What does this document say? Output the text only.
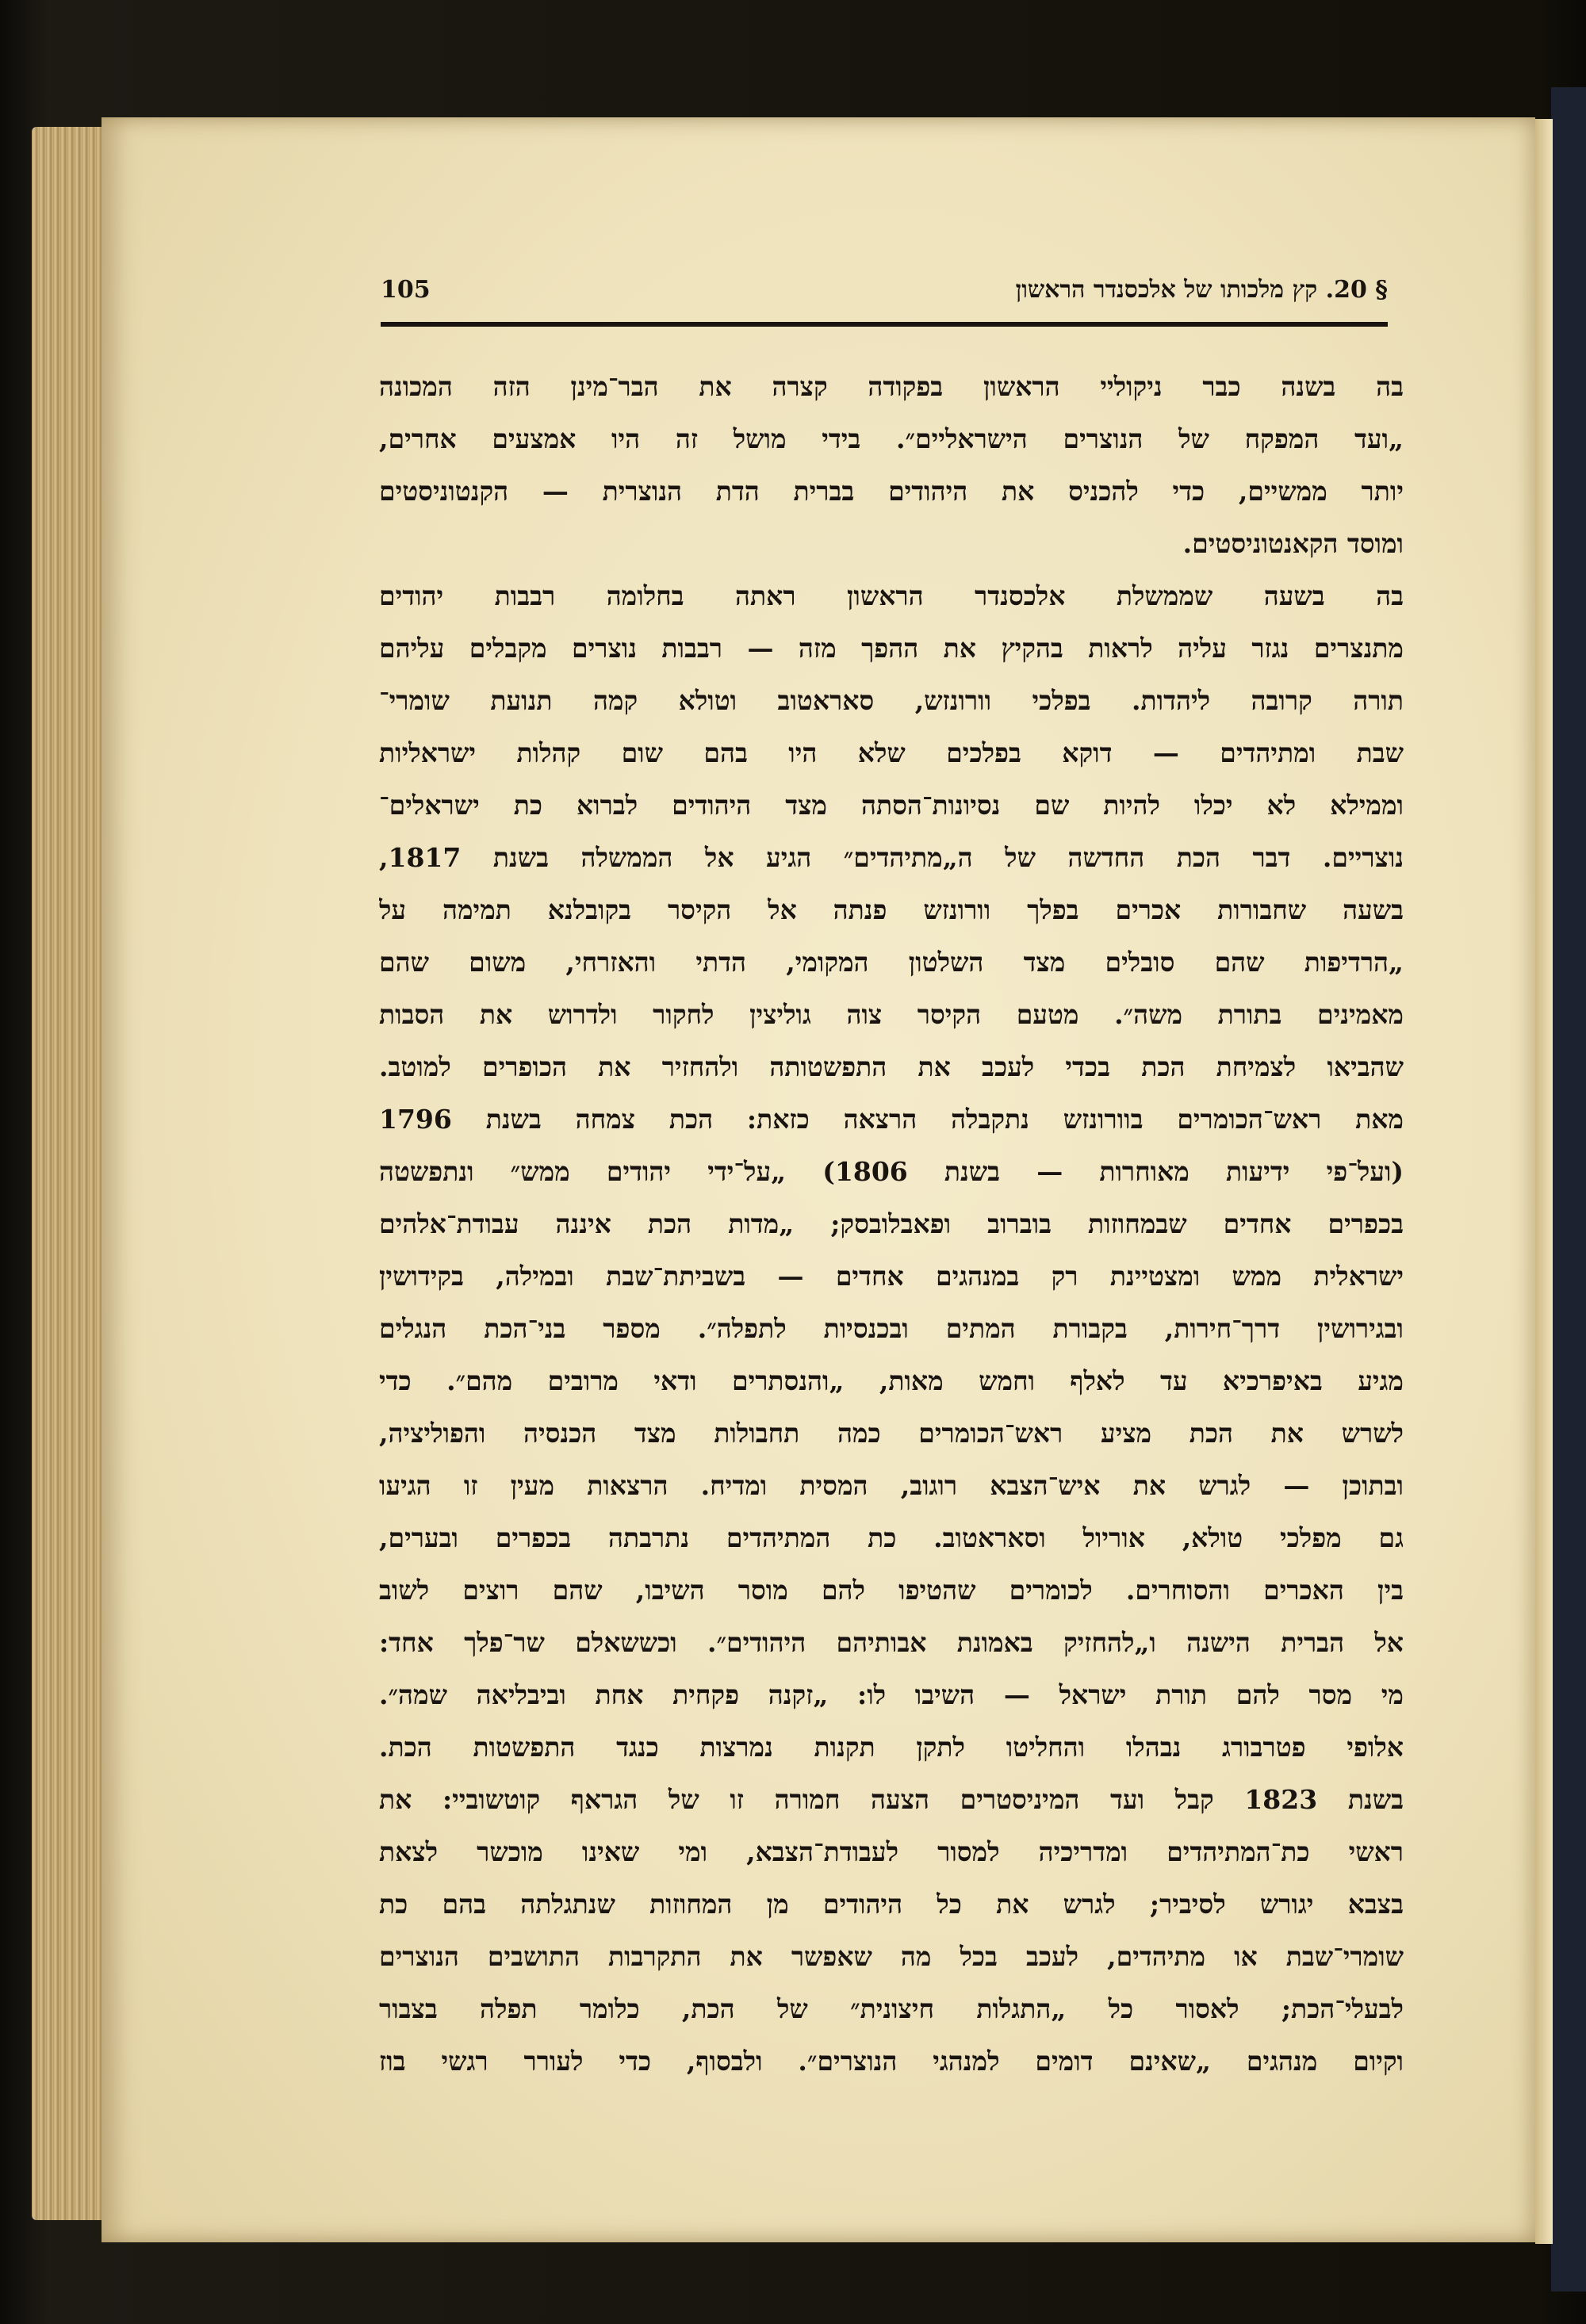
105	§ 20. קץ מלכותו של אלכסנדר הראשון
בה בשנה כבר ניקוליי הראשון בפקודה קצרה את הבר־מינן הזה המכונה
„ועד המפקח של הנוצרים הישראליים״. בידי מושל זה היו אמצעים אחרים,
יותר ממשיים, כדי להכניס את היהודים בברית הדת הנוצרית — הקנטוניסטים
ומוסד הקאנטוניסטים.
בה בשעה שממשלת אלכסנדר הראשון ראתה בחלומה רבבות יהודים
מתנצרים נגזר עליה לראות בהקיץ את ההפך מזה — רבבות נוצרים מקבלים עליהם
תורה קרובה ליהדות. בפלכי וורונזש, סאראטוב וטולא קמה תנועת שומרי־
שבת ומתיהדים — דוקא בפלכים שלא היו בהם שום קהלות ישראליות
וממילא לא יכלו להיות שם נסיונות־הסתה מצד היהודים לברוא כת ישראלים־
נוצריים. דבר הכת החדשה של ה„מתיהדים״ הגיע אל הממשלה בשנת 1817,
בשעה שחבורות אכרים בפלך וורונזש פנתה אל הקיסר בקובלנא תמימה על
„הרדיפות שהם סובלים מצד השלטון המקומי, הדתי והאזרחי, משום שהם
מאמינים בתורת משה״. מטעם הקיסר צוה גוליצין לחקור ולדרוש את הסבות
שהביאו לצמיחת הכת בכדי לעכב את התפשטותה ולהחזיר את הכופרים למוטב.
מאת ראש־הכומרים בוורונזש נתקבלה הרצאה כזאת: הכת צמחה בשנת 1796
(ועל־פי ידיעות מאוחרות — בשנת 1806) „על־ידי יהודים ממש״ ונתפשטה
בכפרים אחדים שבמחוזות בוברוב ופאבלובסק; „מדות הכת איננה עבודת־אלהים
ישראלית ממש ומצטיינת רק במנהגים אחדים — בשביתת־שבת ובמילה, בקידושין
ובגירושין דרך־חירות, בקבורת המתים ובכנסיות לתפלה״. מספר בני־הכת הנגלים
מגיע באיפרכיא עד לאלף וחמש מאות, „והנסתרים ודאי מרובים מהם״. כדי
לשרש את הכת מציע ראש־הכומרים כמה תחבולות מצד הכנסיה והפוליציה,
ובתוכן — לגרש את איש־הצבא רוגוב, המסית ומדיח. הרצאות מעין זו הגיעו
גם מפלכי טולא, אוריול וסאראטוב. כת המתיהדים נתרבתה בכפרים ובערים,
בין האכרים והסוחרים. לכומרים שהטיפו להם מוסר השיבו, שהם רוצים לשוב
אל הברית הישנה ו„להחזיק באמונת אבותיהם היהודים״. וכששאלם שר־פלך אחד:
מי מסר להם תורת ישראל — השיבו לו: „זקנה פקחית אחת וביבליאה שמה״.
אלופי פטרבורג נבהלו והחליטו לתקן תקנות נמרצות כנגד התפשטות הכת.
בשנת 1823 קבל ועד המיניסטרים הצעה חמורה זו של הגראף קוטשוביי: את
ראשי כת־המתיהדים ומדריכיה למסור לעבודת־הצבא, ומי שאינו מוכשר לצאת
בצבא יגורש לסיביר; לגרש את כל היהודים מן המחוזות שנתגלתה בהם כת
שומרי־שבת או מתיהדים, לעכב בכל מה שאפשר את התקרבות התושבים הנוצרים
לבעלי־הכת; לאסור כל „התגלות חיצונית״ של הכת, כלומר תפלה בצבור
וקיום מנהגים „שאינם דומים למנהגי הנוצרים״. ולבסוף, כדי לעורר רגשי בוז
